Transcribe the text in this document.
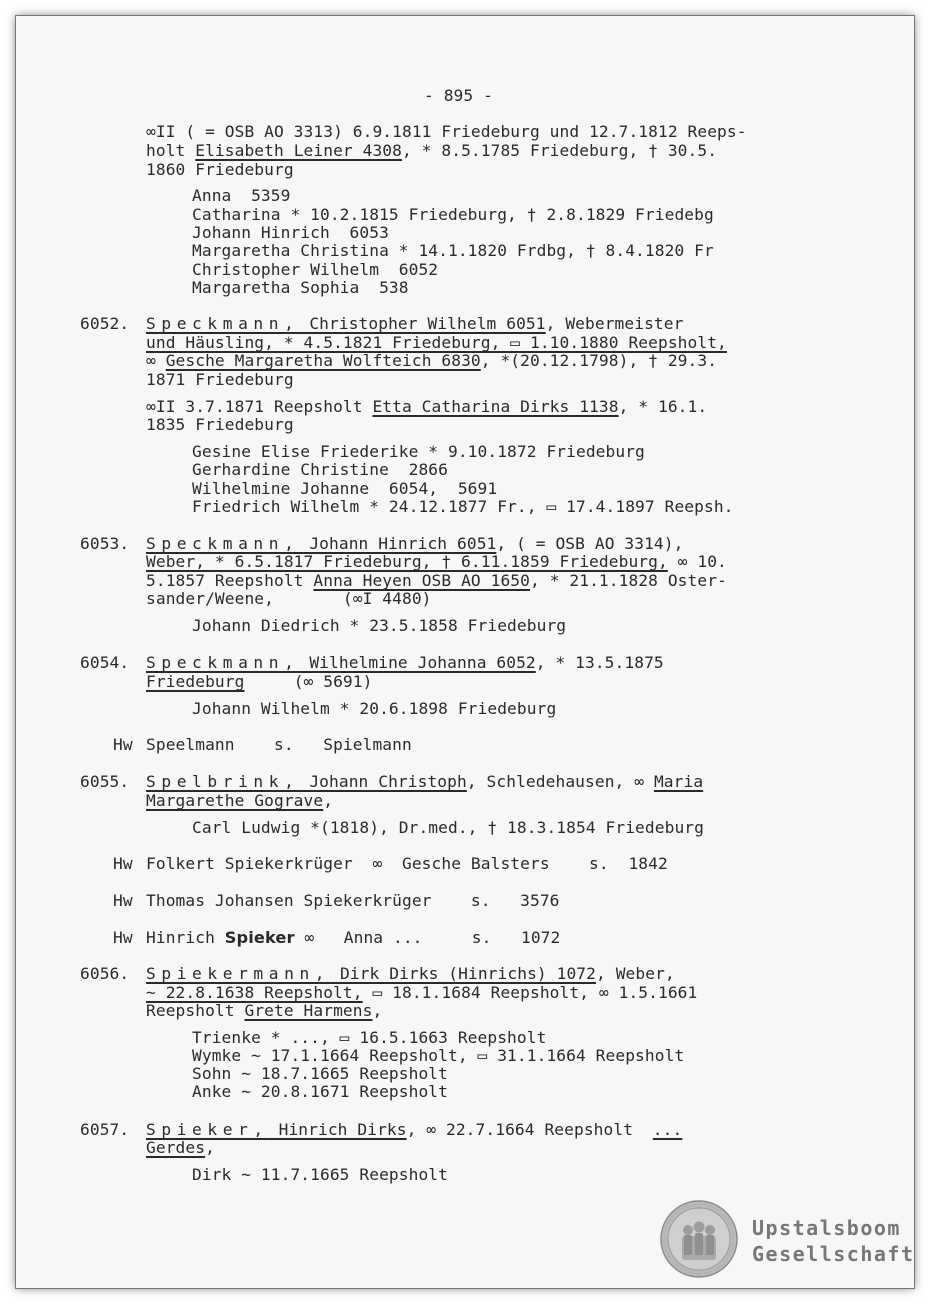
- 895 -
∞II ( = OSB AO 3313) 6.9.1811 Friedeburg und 12.7.1812 Reeps-
holt Elisabeth Leiner 4308, * 8.5.1785 Friedeburg, † 30.5.
1860 Friedeburg
Anna  5359
Catharina * 10.2.1815 Friedeburg, † 2.8.1829 Friedebg
Johann Hinrich  6053
Margaretha Christina * 14.1.1820 Frdbg, † 8.4.1820 Fr
Christopher Wilhelm  6052
Margaretha Sophia  538
6052. Speckmann, Christopher Wilhelm 6051, Webermeister
und Häusling, * 4.5.1821 Friedeburg, ▭ 1.10.1880 Reepsholt,
∞ Gesche Margaretha Wolfteich 6830, *(20.12.1798), † 29.3.
1871 Friedeburg
∞II 3.7.1871 Reepsholt Etta Catharina Dirks 1138, * 16.1.
1835 Friedeburg
Gesine Elise Friederike * 9.10.1872 Friedeburg
Gerhardine Christine  2866
Wilhelmine Johanne  6054,  5691
Friedrich Wilhelm * 24.12.1877 Fr., ▭ 17.4.1897 Reepsh.
6053. Speckmann, Johann Hinrich 6051, ( = OSB AO 3314),
Weber, * 6.5.1817 Friedeburg, † 6.11.1859 Friedeburg, ∞ 10.
5.1857 Reepsholt Anna Heyen OSB AO 1650, * 21.1.1828 Oster-
sander/Weene,       (∞I 4480)
Johann Diedrich * 23.5.1858 Friedeburg
6054. Speckmann, Wilhelmine Johanna 6052, * 13.5.1875
Friedeburg     (∞ 5691)
Johann Wilhelm * 20.6.1898 Friedeburg
Hw Speelmann    s.   Spielmann
6055. Spelbrink, Johann Christoph, Schledehausen, ∞ Maria
Margarethe Gograve,
Carl Ludwig *(1818), Dr.med., † 18.3.1854 Friedeburg
Hw Folkert Spiekerkrüger  ∞  Gesche Balsters    s.  1842
Hw Thomas Johansen Spiekerkrüger    s.   3576
Hw Hinrich Spieker ∞   Anna ...     s.   1072
6056. Spiekermann, Dirk Dirks (Hinrichs) 1072, Weber,
~ 22.8.1638 Reepsholt, ▭ 18.1.1684 Reepsholt, ∞ 1.5.1661
Reepsholt Grete Harmens,
Trienke * ..., ▭ 16.5.1663 Reepsholt
Wymke ~ 17.1.1664 Reepsholt, ▭ 31.1.1664 Reepsholt
Sohn ~ 18.7.1665 Reepsholt
Anke ~ 20.8.1671 Reepsholt
6057. Spieker, Hinrich Dirks, ∞ 22.7.1664 Reepsholt  ...
Gerdes,
Dirk ~ 11.7.1665 Reepsholt
Upstalsboom
Gesellschaft
